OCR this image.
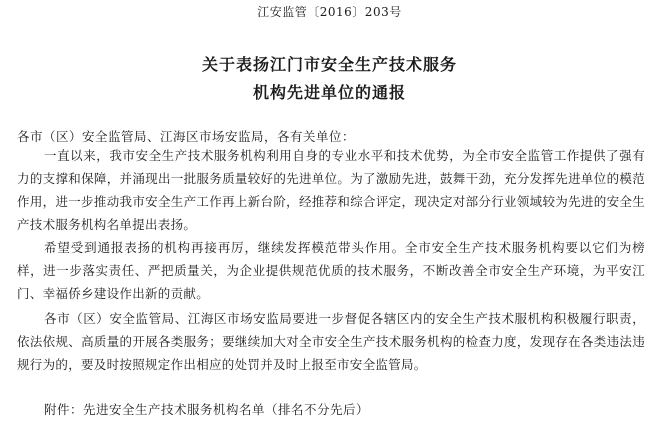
江安监管〔2016〕203号
关于表扬江门市安全生产技术服务
机构先进单位的通报
各市（区）安全监管局、江海区市场安监局，各有关单位：
一直以来，我市安全生产技术服务机构利用自身的专业水平和技术优势，为全市安全监管工作提供了强有力的支撑和保障，并涌现出一批服务质量较好的先进单位。为了激励先进，鼓舞干劲，充分发挥先进单位的模范作用，进一步推动我市安全生产工作再上新台阶，经推荐和综合评定，现决定对部分行业领域较为先进的安全生产技术服务机构名单提出表扬。
希望受到通报表扬的机构再接再厉，继续发挥模范带头作用。全市安全生产技术服务机构要以它们为榜样，进一步落实责任、严把质量关，为企业提供规范优质的技术服务，不断改善全市安全生产环境，为平安江门、幸福侨乡建设作出新的贡献。
各市（区）安全监管局、江海区市场安监局要进一步督促各辖区内的安全生产技术服机构积极履行职责，依法依规、高质量的开展各类服务；要继续加大对全市安全生产技术服务机构的检查力度，发现存在各类违法违规行为的，要及时按照规定作出相应的处罚并及时上报至市安全监管局。
附件：先进安全生产技术服务机构名单（排名不分先后）
